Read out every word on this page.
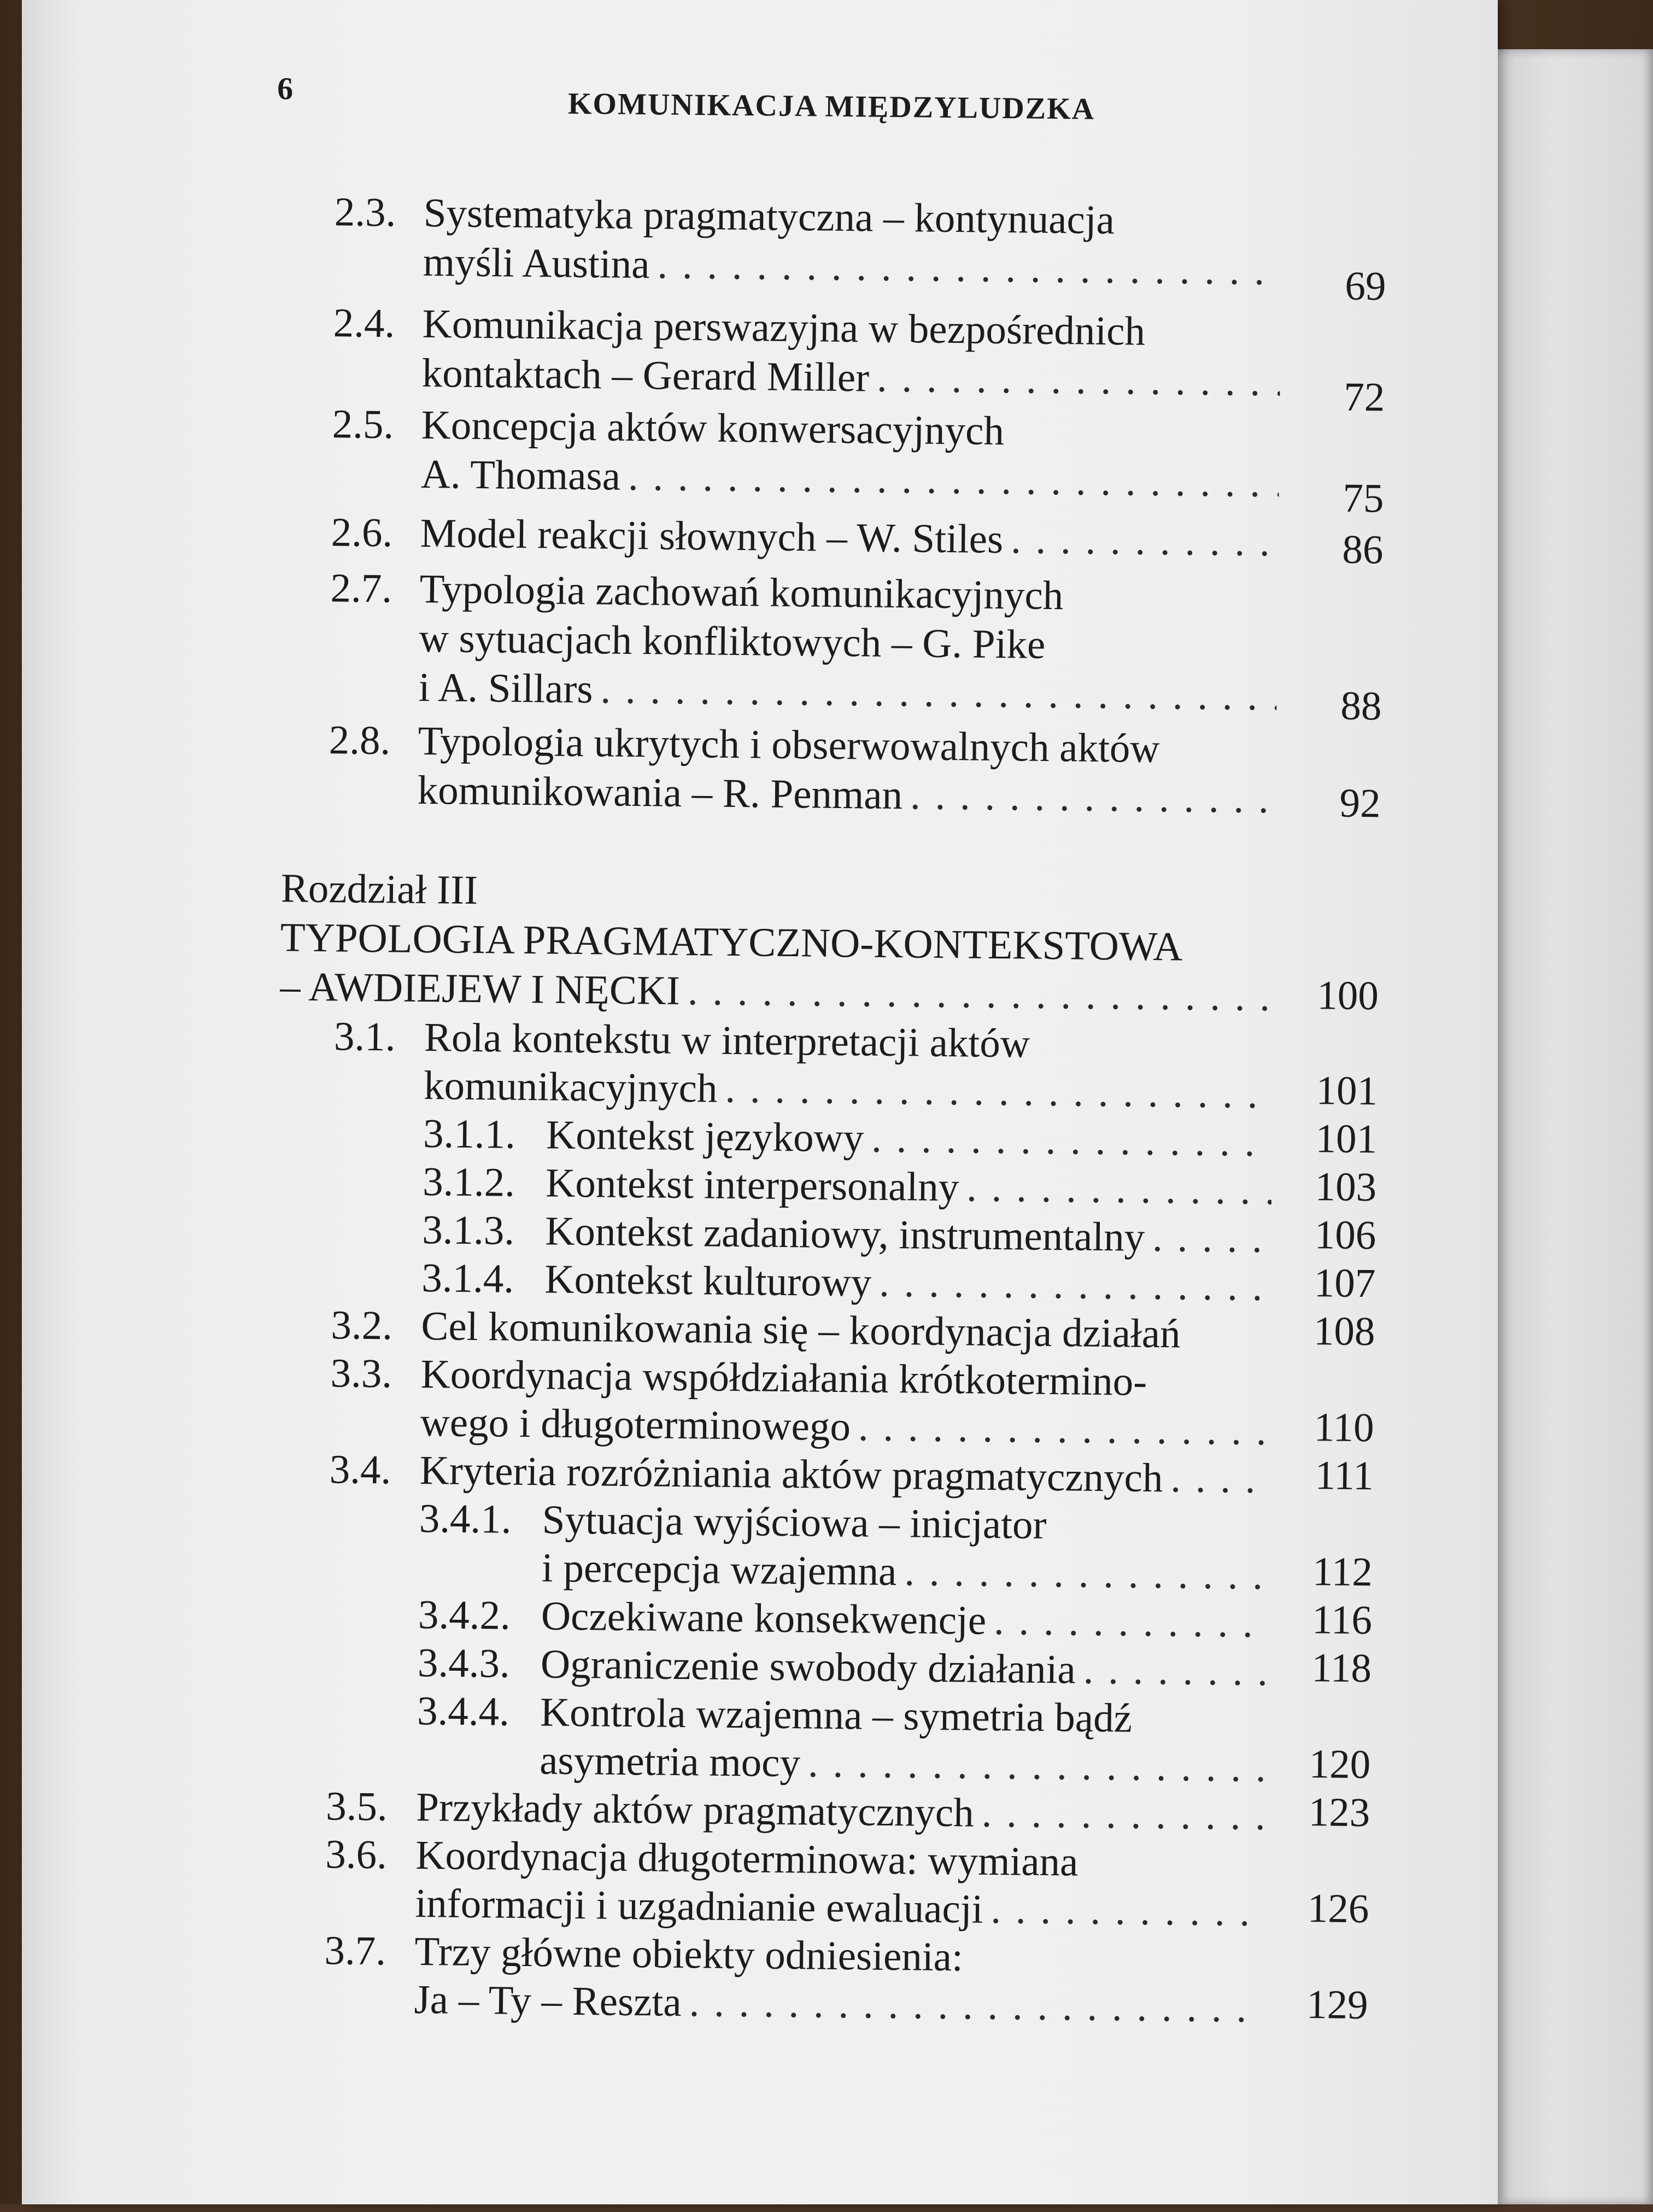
6	KOMUNIKACJA MIĘDZYLUDZKA
2.3. Systematyka pragmatyczna – kontynuacja
myśli Austina . . .	69
2.4. Komunikacja perswazyjna w bezpośrednich
kontaktach – Gerard Miller . . .	72
2.5. Koncepcja aktów konwersacyjnych
A. Thomasa . . .	75
2.6. Model reakcji słownych – W. Stiles . . .	86
2.7. Typologia zachowań komunikacyjnych
w sytuacjach konfliktowych – G. Pike
i A. Sillars . . .	88
2.8. Typologia ukrytych i obserwowalnych aktów
komunikowania – R. Penman . . .	92
Rozdział III
TYPOLOGIA PRAGMATYCZNO-KONTEKSTOWA
– AWDIEJEW I NĘCKI . . .	100
3.1. Rola kontekstu w interpretacji aktów
komunikacyjnych . . .	101
3.1.1. Kontekst językowy . . .	101
3.1.2. Kontekst interpersonalny . . .	103
3.1.3. Kontekst zadaniowy, instrumentalny . . .	106
3.1.4. Kontekst kulturowy . . .	107
3.2. Cel komunikowania się – koordynacja działań	108
3.3. Koordynacja współdziałania krótkotermino-
wego i długoterminowego . . .	110
3.4. Kryteria rozróżniania aktów pragmatycznych . . .	111
3.4.1. Sytuacja wyjściowa – inicjator
i percepcja wzajemna . . .	112
3.4.2. Oczekiwane konsekwencje . . .	116
3.4.3. Ograniczenie swobody działania . . .	118
3.4.4. Kontrola wzajemna – symetria bądź
asymetria mocy . . .	120
3.5. Przykłady aktów pragmatycznych . . .	123
3.6. Koordynacja długoterminowa: wymiana
informacji i uzgadnianie ewaluacji . . .	126
3.7. Trzy główne obiekty odniesienia:
Ja – Ty – Reszta . . .	129
